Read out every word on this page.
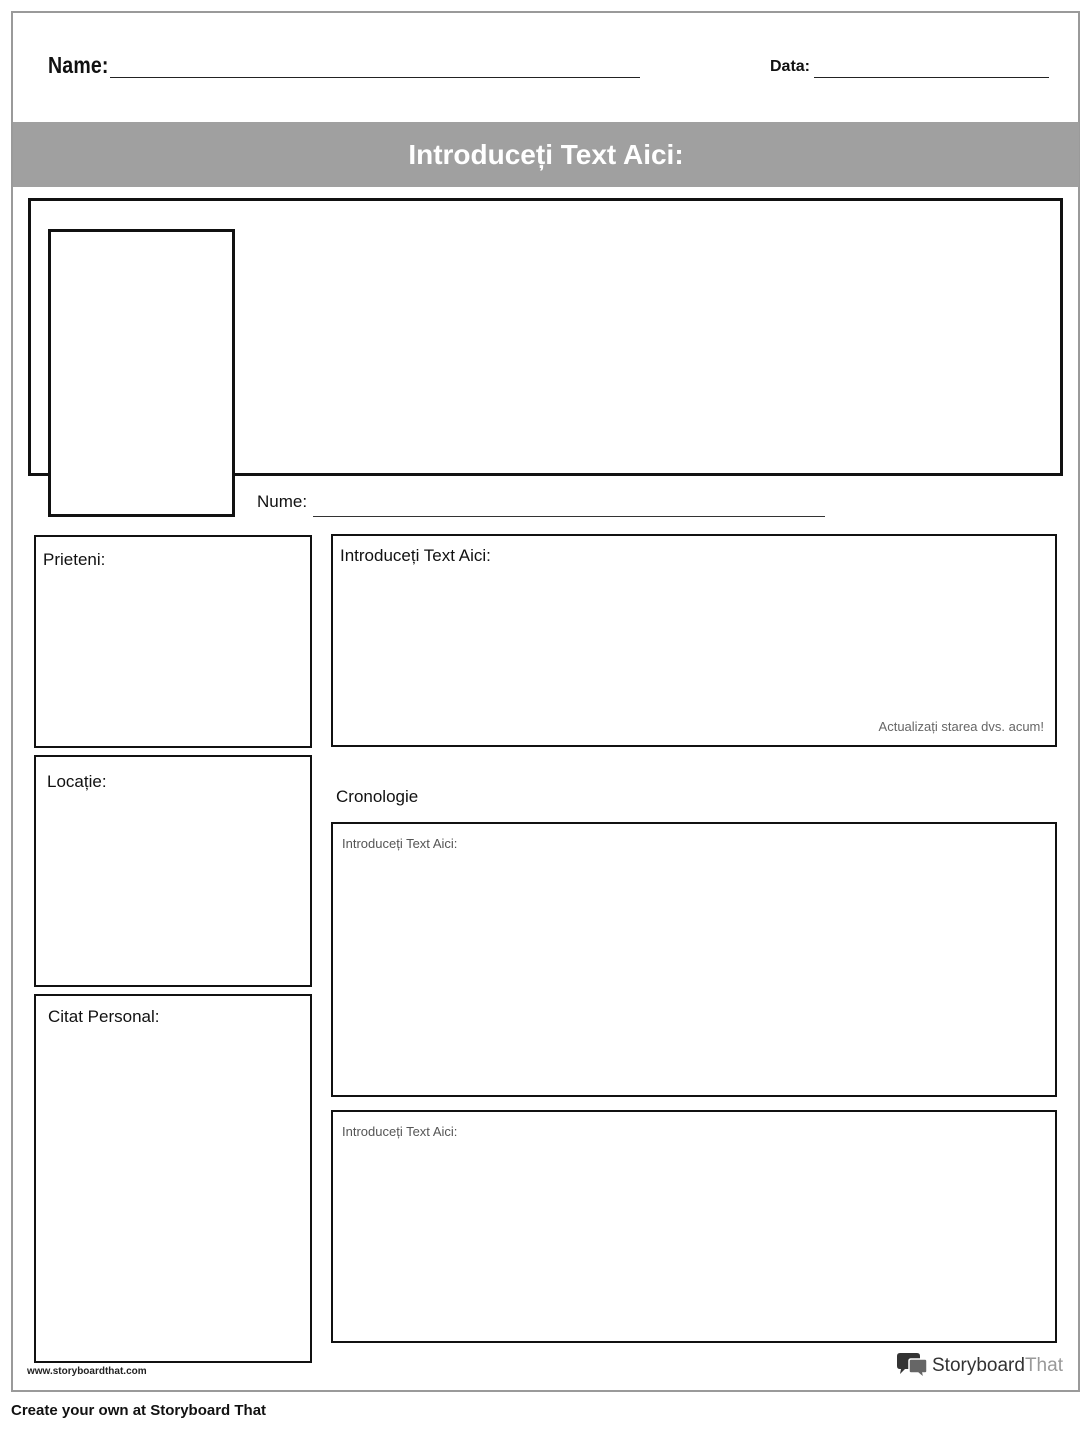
Name:	Data:
Introduceți Text Aici:
Nume:
Prieteni:
Locație:
Citat Personal:
Introduceți Text Aici:
Actualizați starea dvs. acum!
Cronologie
Introduceți Text Aici:
Introduceți Text Aici:
www.storyboardthat.com	Storyboard That
Create your own at Storyboard That
